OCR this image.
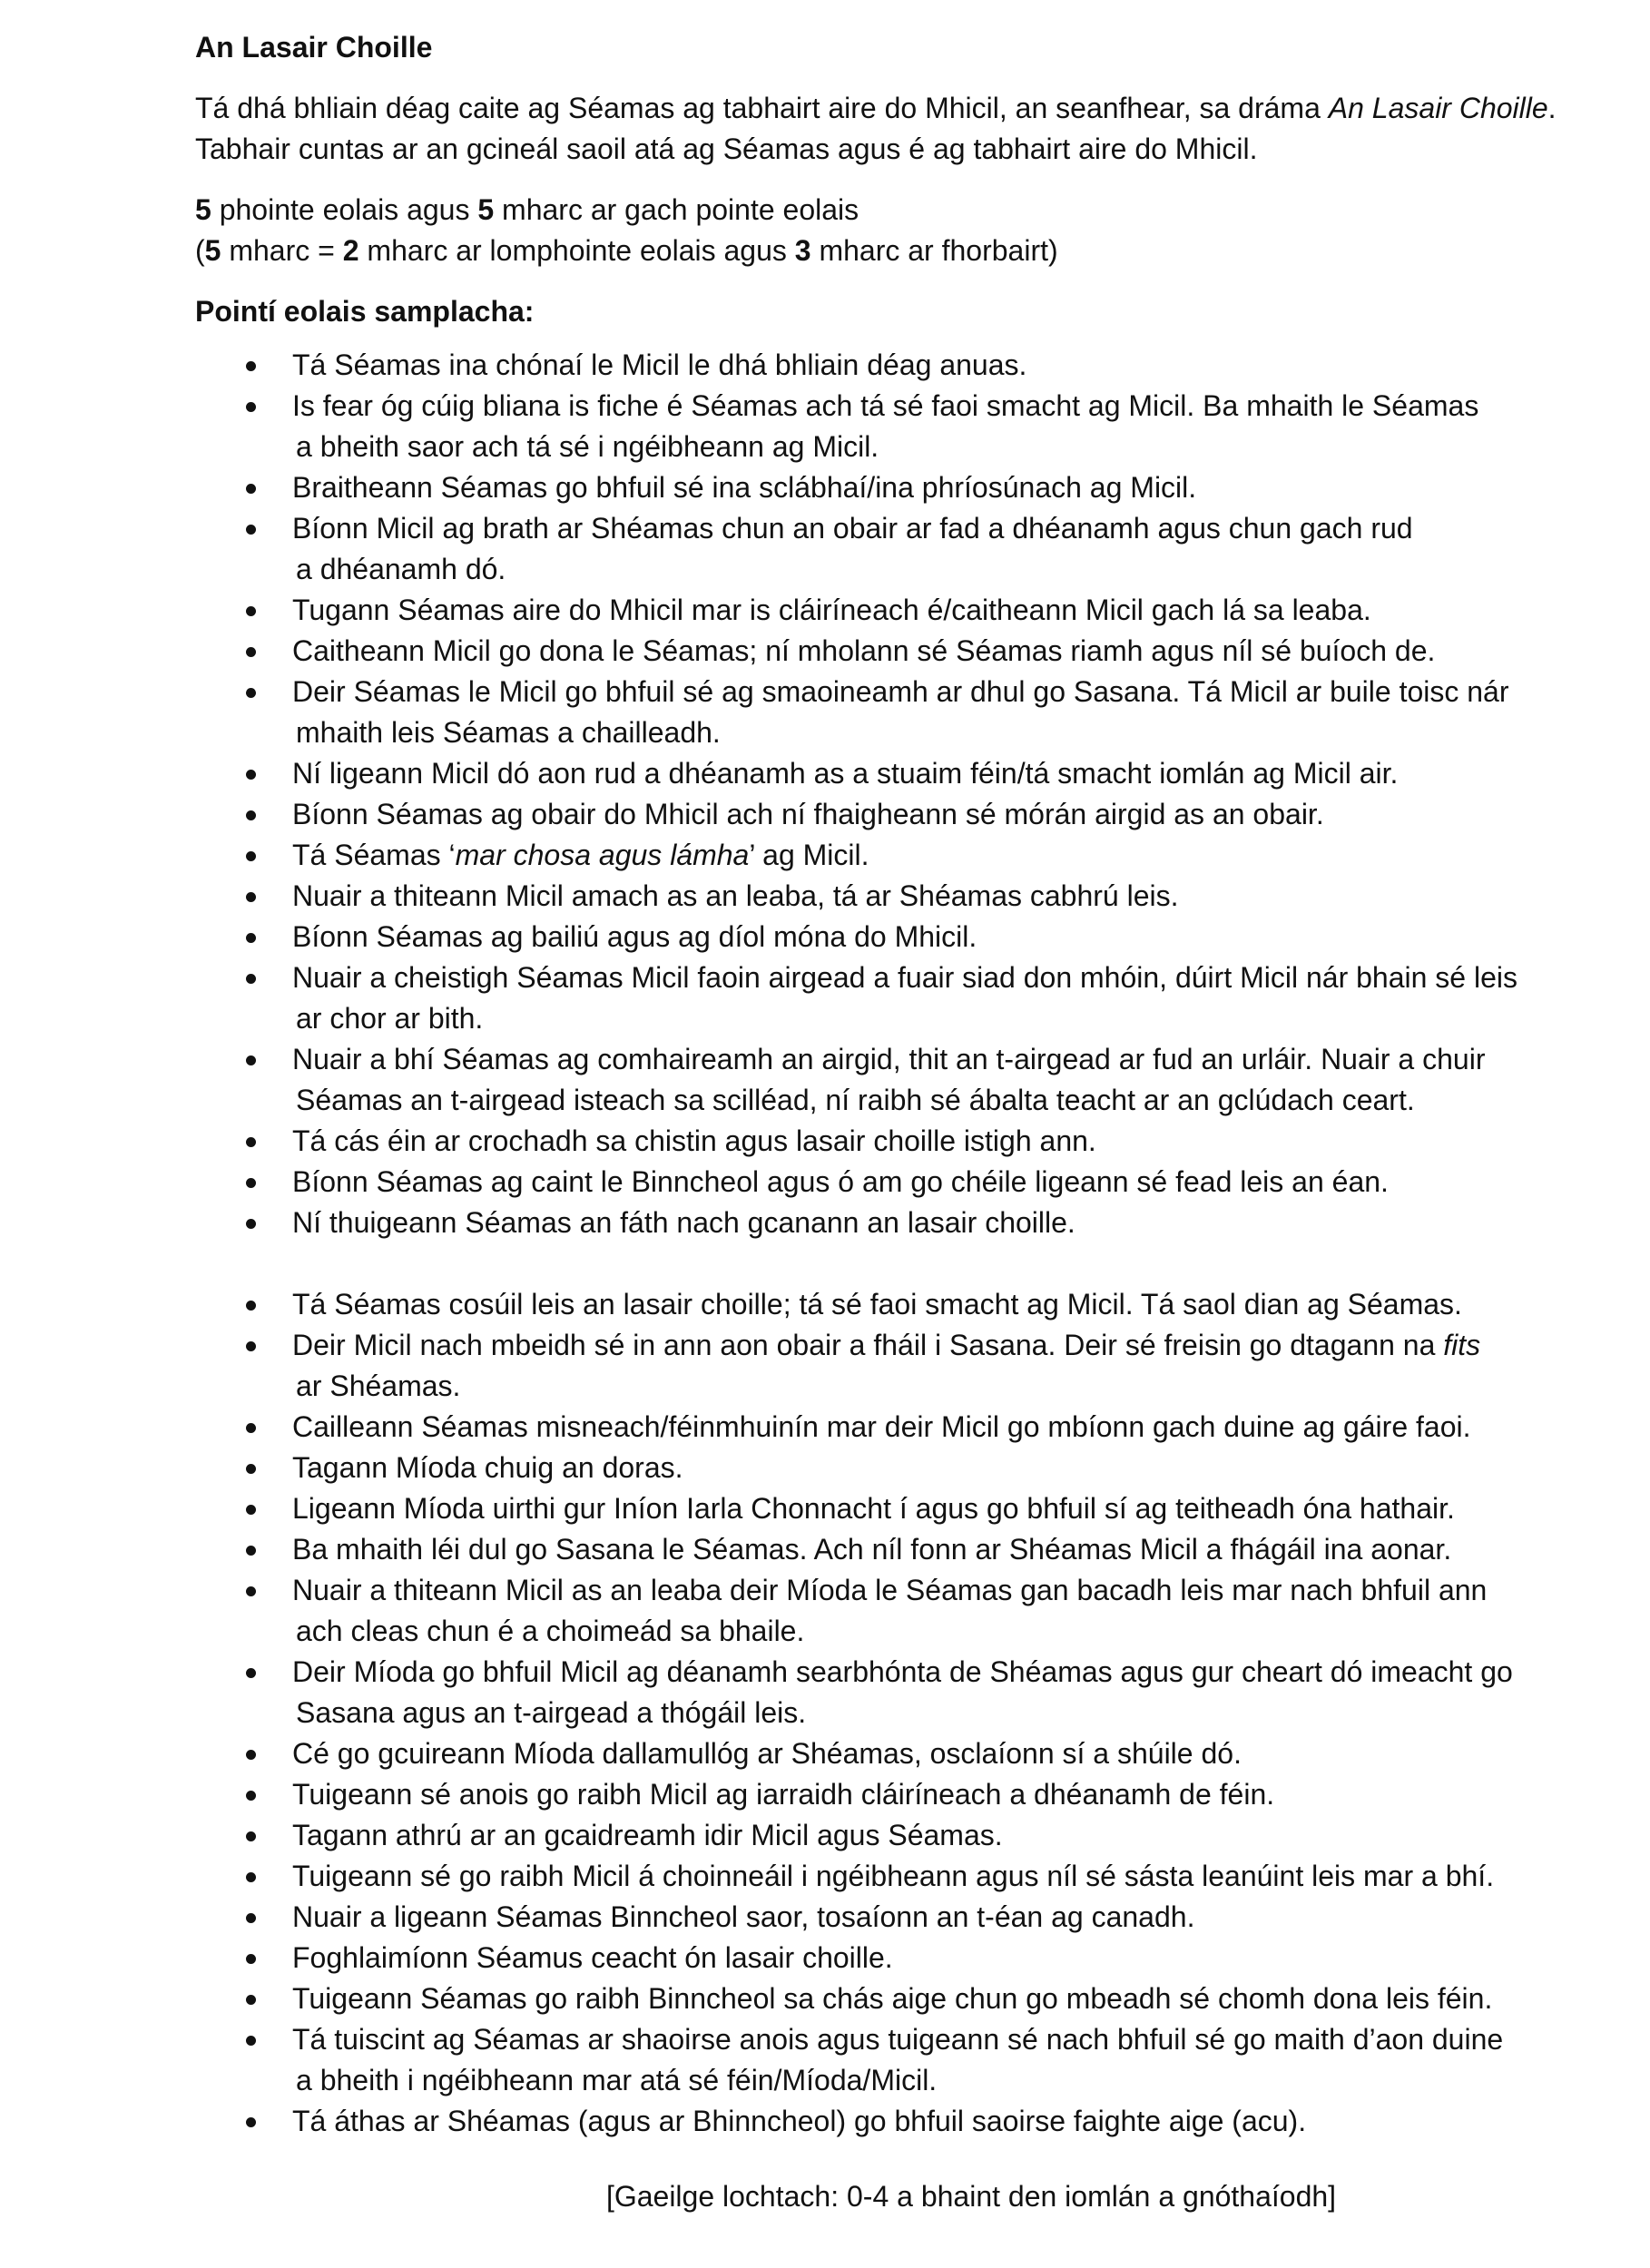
An Lasair Choille
Tá dhá bhliain déag caite ag Séamas ag tabhairt aire do Mhicil, an seanfhear, sa dráma An Lasair Choille.
Tabhair cuntas ar an gcineál saoil atá ag Séamas agus é ag tabhairt aire do Mhicil.
5 phointe eolais agus 5 mharc ar gach pointe eolais
(5 mharc = 2 mharc ar lomphointe eolais agus 3 mharc ar fhorbairt)
Pointí eolais samplacha:
Tá Séamas ina chónaí le Micil le dhá bhliain déag anuas.
Is fear óg cúig bliana is fiche é Séamas ach tá sé faoi smacht ag Micil. Ba mhaith le Séamas
a bheith saor ach tá sé i ngéibheann ag Micil.
Braitheann Séamas go bhfuil sé ina sclábhaí/ina phríosúnach ag Micil.
Bíonn Micil ag brath ar Shéamas chun an obair ar fad a dhéanamh agus chun gach rud
a dhéanamh dó.
Tugann Séamas aire do Mhicil mar is cláiríneach é/caitheann Micil gach lá sa leaba.
Caitheann Micil go dona le Séamas; ní mholann sé Séamas riamh agus níl sé buíoch de.
Deir Séamas le Micil go bhfuil sé ag smaoineamh ar dhul go Sasana. Tá Micil ar buile toisc nár
mhaith leis Séamas a chailleadh.
Ní ligeann Micil dó aon rud a dhéanamh as a stuaim féin/tá smacht iomlán ag Micil air.
Bíonn Séamas ag obair do Mhicil ach ní fhaigheann sé mórán airgid as an obair.
Tá Séamas ‘mar chosa agus lámha’ ag Micil.
Nuair a thiteann Micil amach as an leaba, tá ar Shéamas cabhrú leis.
Bíonn Séamas ag bailiú agus ag díol móna do Mhicil.
Nuair a cheistigh Séamas Micil faoin airgead a fuair siad don mhóin, dúirt Micil nár bhain sé leis
ar chor ar bith.
Nuair a bhí Séamas ag comhaireamh an airgid, thit an t-airgead ar fud an urláir. Nuair a chuir
Séamas an t-airgead isteach sa scilléad, ní raibh sé ábalta teacht ar an gclúdach ceart.
Tá cás éin ar crochadh sa chistin agus lasair choille istigh ann.
Bíonn Séamas ag caint le Binncheol agus ó am go chéile ligeann sé fead leis an éan.
Ní thuigeann Séamas an fáth nach gcanann an lasair choille.
Tá Séamas cosúil leis an lasair choille; tá sé faoi smacht ag Micil. Tá saol dian ag Séamas.
Deir Micil nach mbeidh sé in ann aon obair a fháil i Sasana. Deir sé freisin go dtagann na fits
ar Shéamas.
Cailleann Séamas misneach/féinmhuinín mar deir Micil go mbíonn gach duine ag gáire faoi.
Tagann Míoda chuig an doras.
Ligeann Míoda uirthi gur Iníon Iarla Chonnacht í agus go bhfuil sí ag teitheadh óna hathair.
Ba mhaith léi dul go Sasana le Séamas. Ach níl fonn ar Shéamas Micil a fhágáil ina aonar.
Nuair a thiteann Micil as an leaba deir Míoda le Séamas gan bacadh leis mar nach bhfuil ann
ach cleas chun é a choimeád sa bhaile.
Deir Míoda go bhfuil Micil ag déanamh searbhónta de Shéamas agus gur cheart dó imeacht go
Sasana agus an t-airgead a thógáil leis.
Cé go gcuireann Míoda dallamullóg ar Shéamas, osclaíonn sí a shúile dó.
Tuigeann sé anois go raibh Micil ag iarraidh cláiríneach a dhéanamh de féin.
Tagann athrú ar an gcaidreamh idir Micil agus Séamas.
Tuigeann sé go raibh Micil á choinneáil i ngéibheann agus níl sé sásta leanúint leis mar a bhí.
Nuair a ligeann Séamas Binncheol saor, tosaíonn an t-éan ag canadh.
Foghlaimíonn Séamus ceacht ón lasair choille.
Tuigeann Séamas go raibh Binncheol sa chás aige chun go mbeadh sé chomh dona leis féin.
Tá tuiscint ag Séamas ar shaoirse anois agus tuigeann sé nach bhfuil sé go maith d’aon duine
a bheith i ngéibheann mar atá sé féin/Míoda/Micil.
Tá áthas ar Shéamas (agus ar Bhinncheol) go bhfuil saoirse faighte aige (acu).
[Gaeilge lochtach: 0-4 a bhaint den iomlán a gnóthaíodh]
